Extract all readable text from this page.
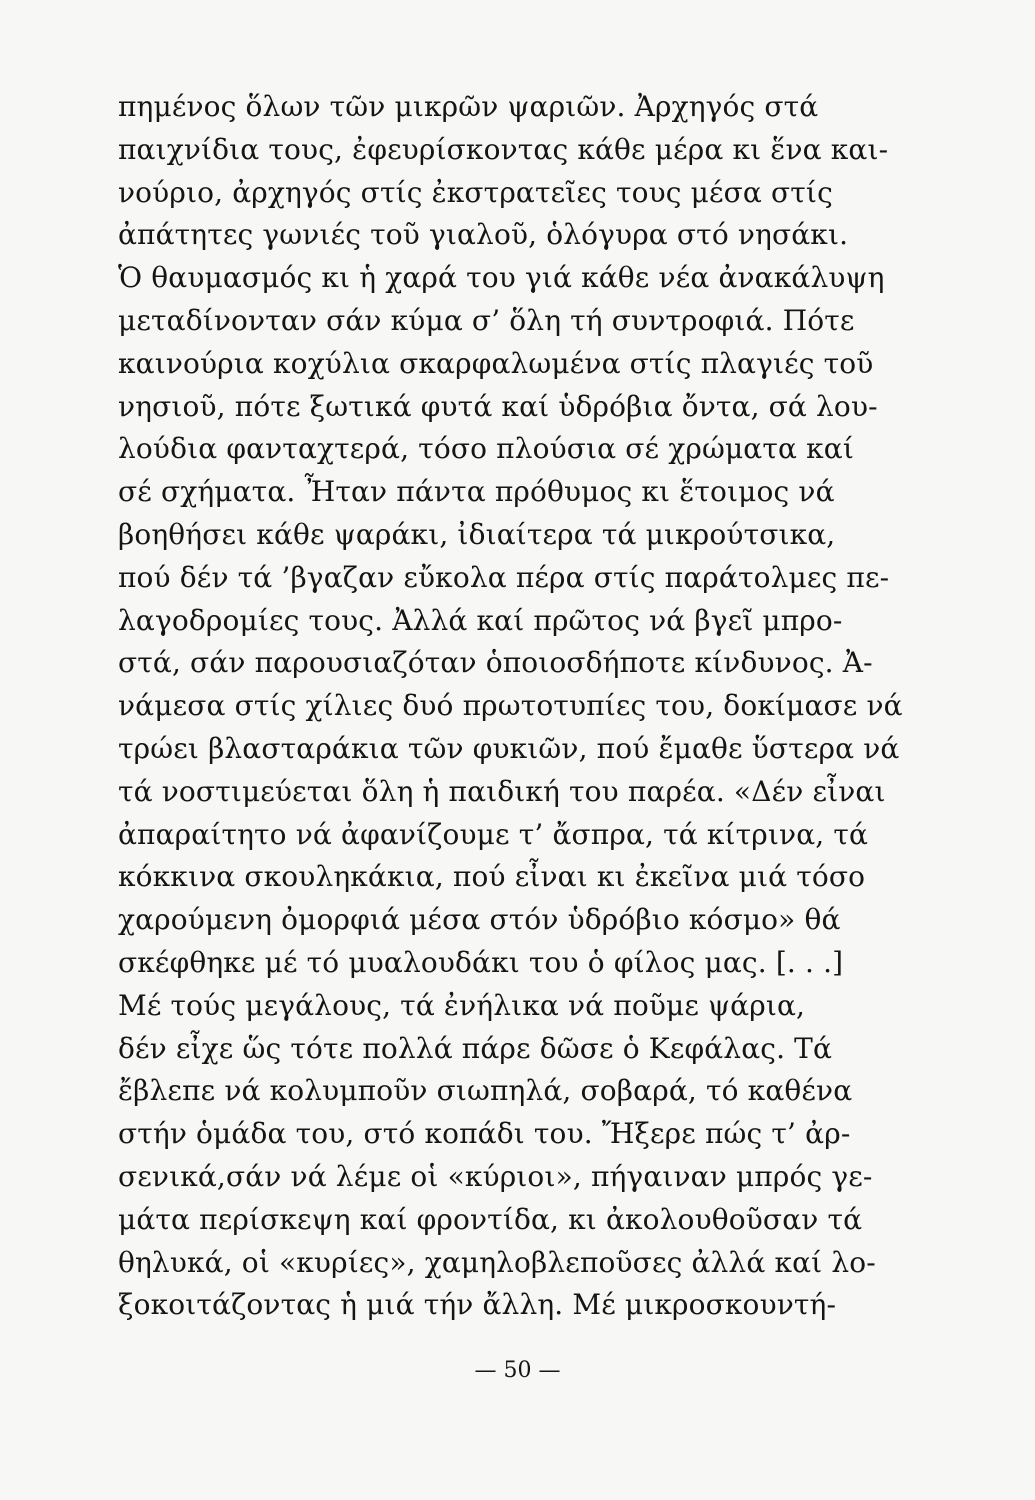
πημένος ὅλων τῶν μικρῶν ψαριῶν. Ἀρχηγός στά
παιχνίδια τους, ἐφευρίσκοντας κάθε μέρα κι ἕνα και-
νούριο, ἀρχηγός στίς ἐκστρατεῖες τους μέσα στίς
ἀπάτητες γωνιές τοῦ γιαλοῦ, ὁλόγυρα στό νησάκι.
Ὁ θαυμασμός κι ἡ χαρά του γιά κάθε νέα ἀνακάλυψη
μεταδίνονταν σάν κύμα σ’ ὅλη τή συντροφιά. Πότε
καινούρια κοχύλια σκαρφαλωμένα στίς πλαγιές τοῦ
νησιοῦ, πότε ξωτικά φυτά καί ὑδρόβια ὄντα, σά λου-
λούδια φανταχτερά, τόσο πλούσια σέ χρώματα καί
σέ σχήματα. Ἦταν πάντα πρόθυμος κι ἕτοιμος νά
βοηθήσει κάθε ψαράκι, ἰδιαίτερα τά μικρούτσικα,
πού δέν τά ’βγαζαν εὔκολα πέρα στίς παράτολμες πε-
λαγοδρομίες τους. Ἀλλά καί πρῶτος νά βγεῖ μπρο-
στά, σάν παρουσιαζόταν ὁποιοσδήποτε κίνδυνος. Ἀ-
νάμεσα στίς χίλιες δυό πρωτοτυπίες του, δοκίμασε νά
τρώει βλασταράκια τῶν φυκιῶν, πού ἔμαθε ὕστερα νά
τά νοστιμεύεται ὅλη ἡ παιδική του παρέα. «Δέν εἶναι
ἀπαραίτητο νά ἀφανίζουμε τ’ ἄσπρα, τά κίτρινα, τά
κόκκινα σκουληκάκια, πού εἶναι κι ἐκεῖνα μιά τόσο
χαρούμενη ὀμορφιά μέσα στόν ὑδρόβιο κόσμο» θά
σκέφθηκε μέ τό μυαλουδάκι του ὁ φίλος μας. [. . .]
Μέ τούς μεγάλους, τά ἐνήλικα νά ποῦμε ψάρια,
δέν εἶχε ὥς τότε πολλά πάρε δῶσε ὁ Κεφάλας. Τά
ἔβλεπε νά κολυμποῦν σιωπηλά, σοβαρά, τό καθένα
στήν ὁμάδα του, στό κοπάδι του. Ἤξερε πώς τ’ ἀρ-
σενικά,σάν νά λέμε οἱ «κύριοι», πήγαιναν μπρός γε-
μάτα περίσκεψη καί φροντίδα, κι ἀκολουθοῦσαν τά
θηλυκά, οἱ «κυρίες», χαμηλοβλεποῦσες ἀλλά καί λο-
ξοκοιτάζοντας ἡ μιά τήν ἄλλη. Μέ μικροσκουντή-
— 50 —
